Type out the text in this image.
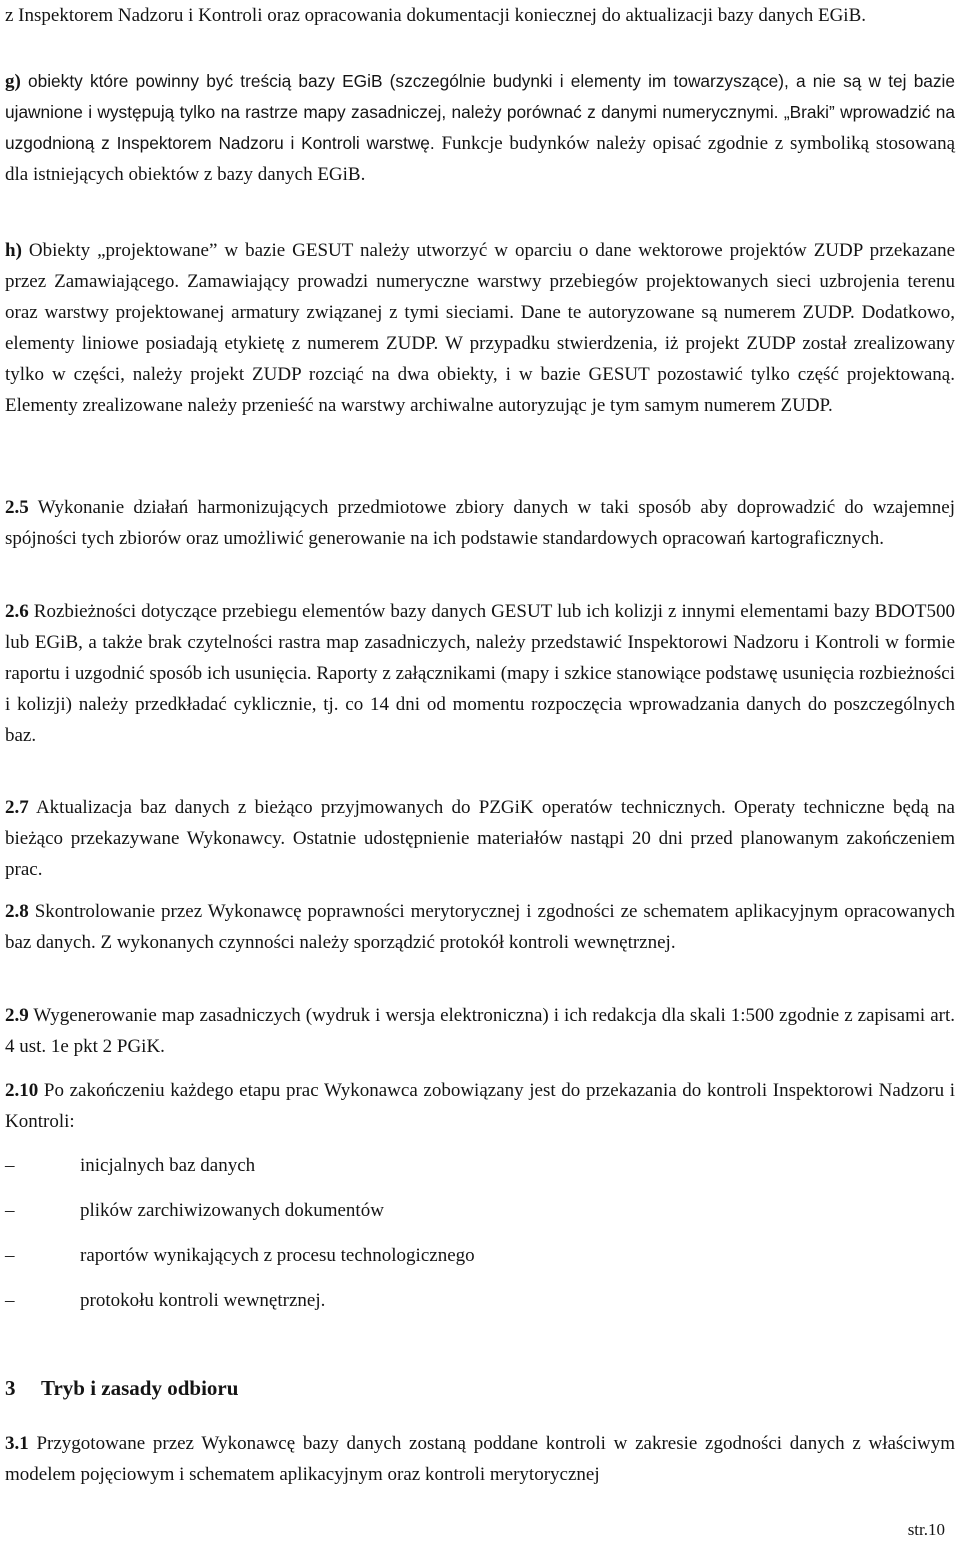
z Inspektorem Nadzoru i Kontroli oraz opracowania dokumentacji koniecznej do aktualizacji bazy danych EGiB.

g) obiekty które powinny być treścią bazy EGiB (szczególnie budynki i elementy im towarzyszące), a nie są w tej bazie ujawnione i występują tylko na rastrze mapy zasadniczej, należy porównać z danymi numerycznymi. „Braki” wprowadzić na uzgodnioną z Inspektorem Nadzoru i Kontroli warstwę. Funkcje budynków należy opisać zgodnie z symboliką stosowaną dla istniejących obiektów z bazy danych EGiB.

h) Obiekty „projektowane” w bazie GESUT należy utworzyć w oparciu o dane wektorowe projektów ZUDP przekazane przez Zamawiającego. Zamawiający prowadzi numeryczne warstwy przebiegów projektowanych sieci uzbrojenia terenu oraz warstwy projektowanej armatury związanej z tymi sieciami. Dane te autoryzowane są numerem ZUDP. Dodatkowo, elementy liniowe posiadają etykietę z numerem ZUDP. W przypadku stwierdzenia, iż projekt ZUDP został zrealizowany tylko w części, należy projekt ZUDP rozciąć na dwa obiekty, i w bazie GESUT pozostawić tylko część projektowaną. Elementy zrealizowane należy przenieść na warstwy archiwalne autoryzując je tym samym numerem ZUDP.

2.5 Wykonanie działań harmonizujących przedmiotowe zbiory danych w taki sposób aby doprowadzić do wzajemnej spójności tych zbiorów oraz umożliwić generowanie na ich podstawie standardowych opracowań kartograficznych.

2.6 Rozbieżności dotyczące przebiegu elementów bazy danych GESUT lub ich kolizji z innymi elementami bazy BDOT500 lub EGiB, a także brak czytelności rastra map zasadniczych, należy przedstawić Inspektorowi Nadzoru i Kontroli w formie raportu i uzgodnić sposób ich usunięcia. Raporty z załącznikami (mapy i szkice stanowiące podstawę usunięcia rozbieżności i kolizji) należy przedkładać cyklicznie, tj. co 14 dni od momentu rozpoczęcia wprowadzania danych do poszczególnych baz.

2.7 Aktualizacja baz danych z bieżąco przyjmowanych do PZGiK operatów technicznych. Operaty techniczne będą na bieżąco przekazywane Wykonawcy. Ostatnie udostępnienie materiałów nastąpi 20 dni przed planowanym zakończeniem prac.

2.8 Skontrolowanie przez Wykonawcę poprawności merytorycznej i zgodności ze schematem aplikacyjnym opracowanych baz danych. Z wykonanych czynności należy sporządzić protokół kontroli wewnętrznej.

2.9 Wygenerowanie map zasadniczych (wydruk i wersja elektroniczna) i ich redakcja dla skali 1:500 zgodnie z zapisami art. 4 ust. 1e pkt 2 PGiK.

2.10 Po zakończeniu każdego etapu prac Wykonawca zobowiązany jest do przekazania do kontroli Inspektorowi Nadzoru i Kontroli:

–	inicjalnych baz danych
–	plików zarchiwizowanych dokumentów
–	raportów wynikających z procesu technologicznego
–	protokołu kontroli wewnętrznej.
3 Tryb i zasady odbioru

3.1 Przygotowane przez Wykonawcę bazy danych zostaną poddane kontroli w zakresie zgodności danych z właściwym modelem pojęciowym i schematem aplikacyjnym oraz kontroli merytorycznej

str.10
